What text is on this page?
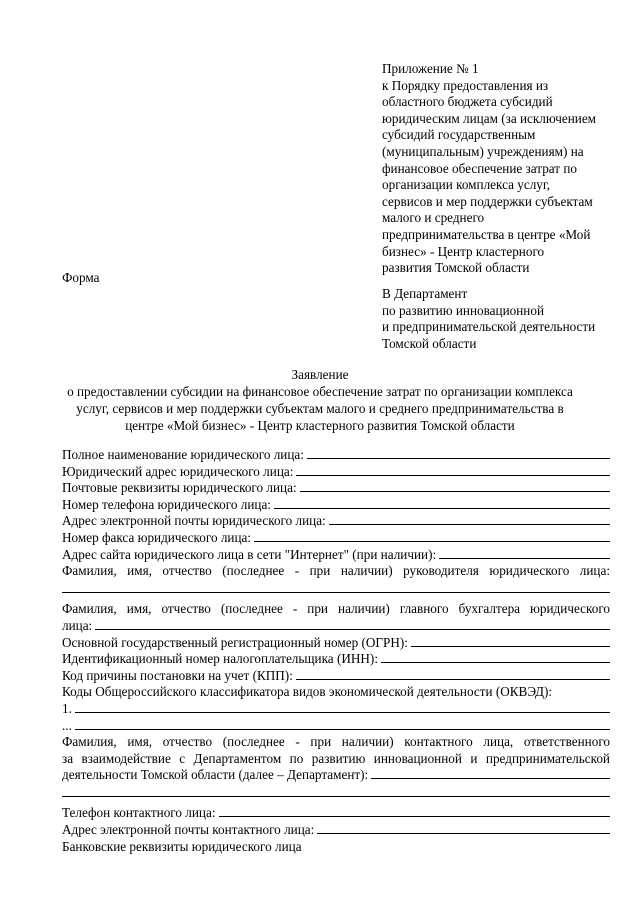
Приложение № 1
к Порядку предоставления из
областного бюджета субсидий
юридическим лицам (за исключением
субсидий государственным
(муниципальным) учреждениям) на
финансовое обеспечение затрат по
организации комплекса услуг,
сервисов и мер поддержки субъектам
малого и среднего
предпринимательства в центре «Мой
бизнес» - Центр кластерного
развития Томской области
Форма
В Департамент
по развитию инновационной
и предпринимательской деятельности
Томской области
Заявление
о предоставлении субсидии на финансовое обеспечение затрат по организации комплекса
услуг, сервисов и мер поддержки субъектам малого и среднего предпринимательства в
центре «Мой бизнес» - Центр кластерного развития Томской области
Полное наименование юридического лица:
Юридический адрес юридического лица:
Почтовые реквизиты юридического лица:
Номер телефона юридического лица:
Адрес электронной почты юридического лица:
Номер факса юридического лица:
Адрес сайта юридического лица в сети "Интернет" (при наличии):
Фамилия, имя, отчество (последнее - при наличии) руководителя юридического лица:
Фамилия, имя, отчество (последнее - при наличии) главного бухгалтера юридического
лица:
Основной государственный регистрационный номер (ОГРН):
Идентификационный номер налогоплательщика (ИНН):
Код причины постановки на учет (КПП):
Коды Общероссийского классификатора видов экономической деятельности (ОКВЭД):
1.
...
Фамилия, имя, отчество (последнее - при наличии) контактного лица, ответственного
за взаимодействие с Департаментом по развитию инновационной и предпринимательской
деятельности Томской области (далее – Департамент):
Телефон контактного лица:
Адрес электронной почты контактного лица:
Банковские реквизиты юридического лица
